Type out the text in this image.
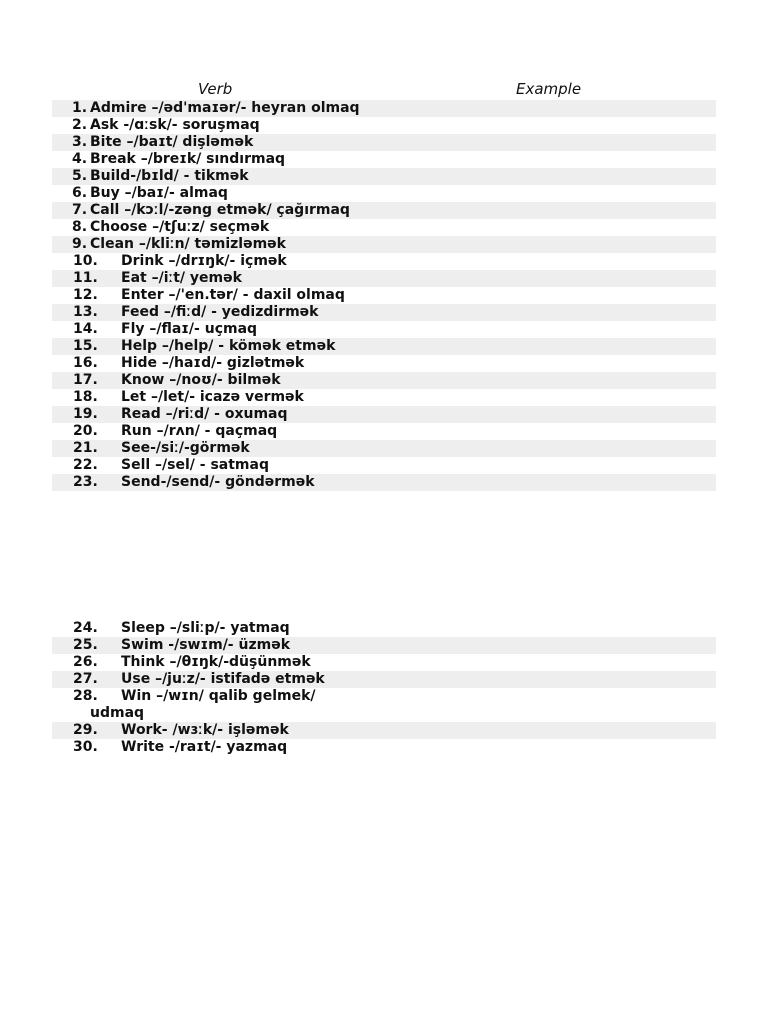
Verb	Example
1. Admire –/əd'maɪər/- heyran olmaq
2. Ask -/ɑːsk/- soruşmaq
3. Bite –/baɪt/ dişləmək
4. Break –/breɪk/ sındırmaq
5. Build-/bɪld/ - tikmək
6. Buy –/baɪ/- almaq
7. Call –/kɔːl/-zəng etmək/ çağırmaq
8. Choose –/tʃuːz/ seçmək
9. Clean –/kliːn/ təmizləmək
10. Drink –/drɪŋk/- içmək
11. Eat –/iːt/ yemək
12. Enter –/'en.tər/ - daxil olmaq
13. Feed –/fiːd/ - yedizdirmək
14. Fly –/flaɪ/- uçmaq
15. Help –/help/ - kömək etmək
16. Hide –/haɪd/- gizlətmək
17. Know –/noʊ/- bilmək
18. Let –/let/- icazə vermək
19. Read –/riːd/ - oxumaq
20. Run –/rʌn/ - qaçmaq
21. See-/siː/-görmək
22. Sell –/sel/ - satmaq
23. Send-/send/- göndərmək
24. Sleep –/sliːp/- yatmaq
25. Swim -/swɪm/- üzmək
26. Think –/θɪŋk/-düşünmək
27. Use –/juːz/- istifadə etmək
28. Win –/wɪn/ qalib gelmek/
udmaq
29. Work- /wɜːk/- işləmək
30. Write -/raɪt/- yazmaq
